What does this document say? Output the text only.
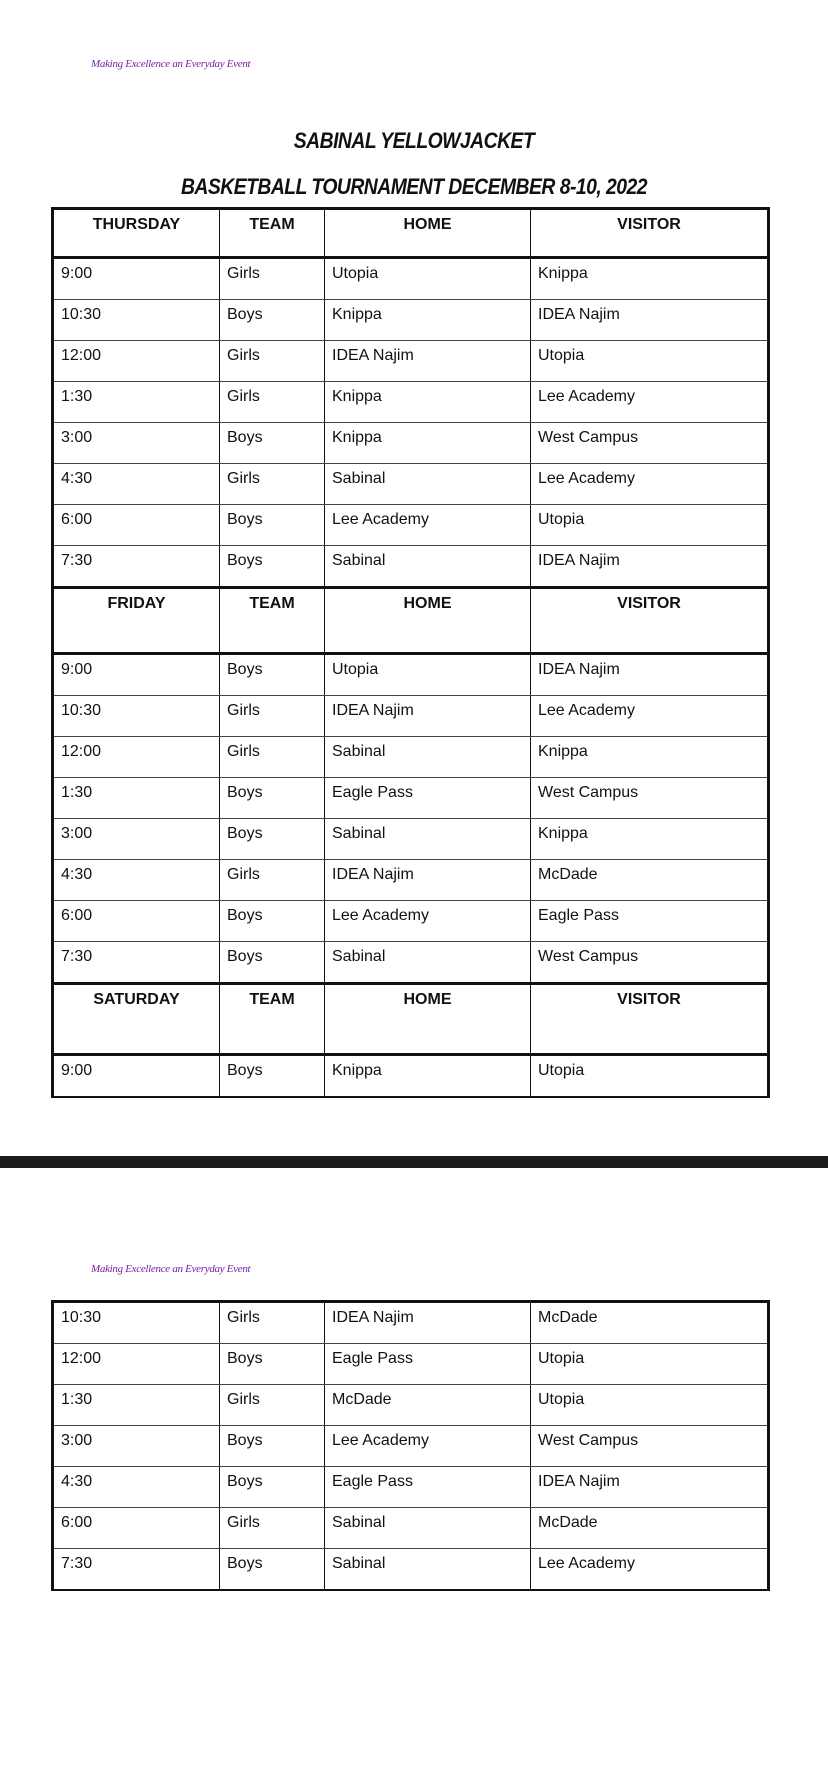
Making Excellence an Everyday Event
SABINAL YELLOWJACKET
BASKETBALL TOURNAMENT DECEMBER 8-10, 2022
THURSDAY	TEAM	HOME	VISITOR
9:00	Girls	Utopia	Knippa
10:30	Boys	Knippa	IDEA Najim
12:00	Girls	IDEA Najim	Utopia
1:30	Girls	Knippa	Lee Academy
3:00	Boys	Knippa	West Campus
4:30	Girls	Sabinal	Lee Academy
6:00	Boys	Lee Academy	Utopia
7:30	Boys	Sabinal	IDEA Najim
FRIDAY	TEAM	HOME	VISITOR
9:00	Boys	Utopia	IDEA Najim
10:30	Girls	IDEA Najim	Lee Academy
12:00	Girls	Sabinal	Knippa
1:30	Boys	Eagle Pass	West Campus
3:00	Boys	Sabinal	Knippa
4:30	Girls	IDEA Najim	McDade
6:00	Boys	Lee Academy	Eagle Pass
7:30	Boys	Sabinal	West Campus
SATURDAY	TEAM	HOME	VISITOR
9:00	Boys	Knippa	Utopia
Making Excellence an Everyday Event
10:30	Girls	IDEA Najim	McDade
12:00	Boys	Eagle Pass	Utopia
1:30	Girls	McDade	Utopia
3:00	Boys	Lee Academy	West Campus
4:30	Boys	Eagle Pass	IDEA Najim
6:00	Girls	Sabinal	McDade
7:30	Boys	Sabinal	Lee Academy
